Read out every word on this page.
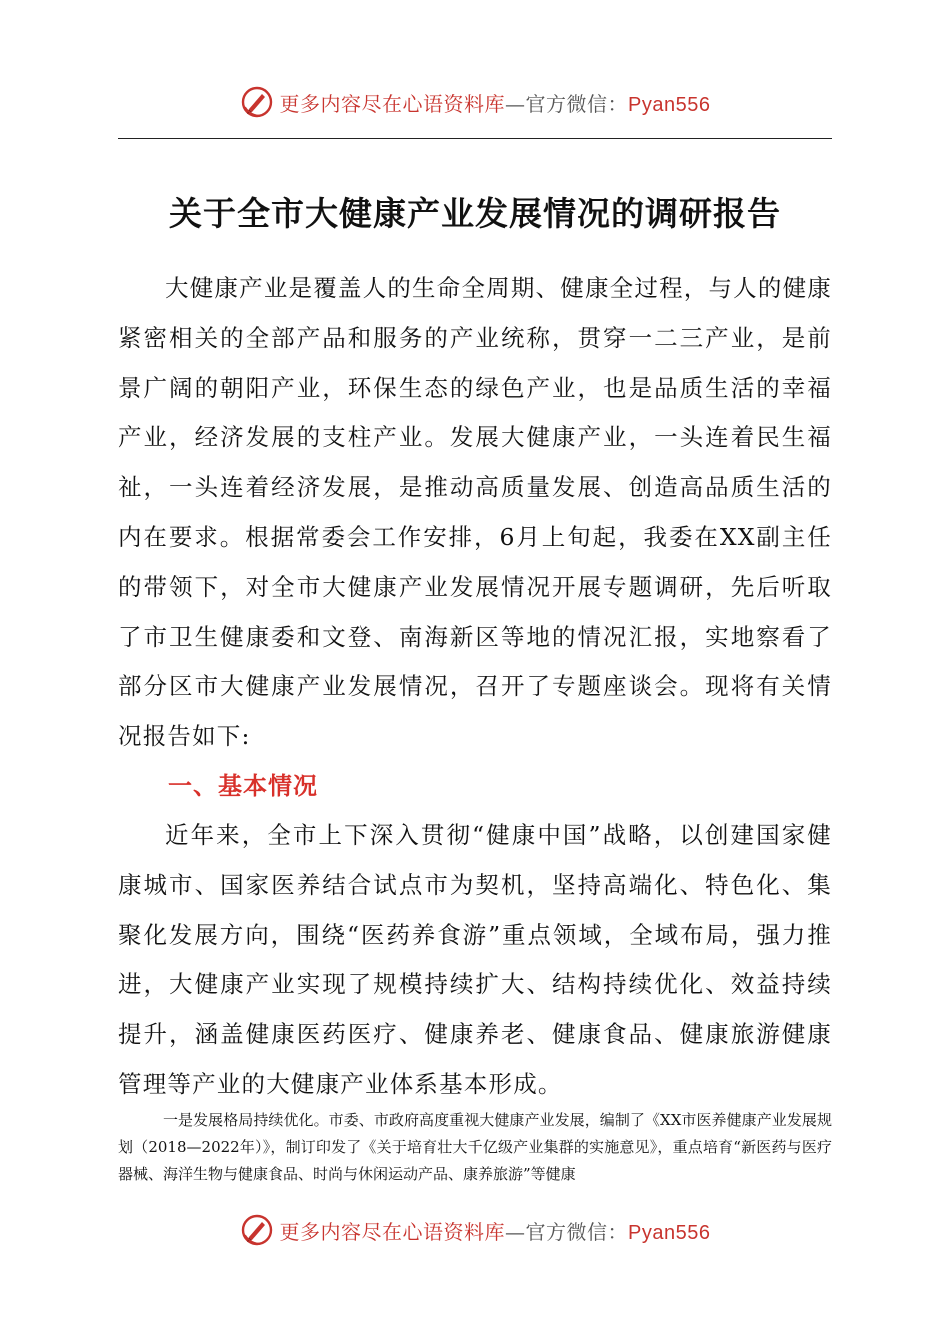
更多内容尽在心语资料库—官方微信：Pyan556
关于全市大健康产业发展情况的调研报告

大健康产业是覆盖人的生命全周期、健康全过程，与人的健康紧密相关的全部产品和服务的产业统称，贯穿一二三产业，是前景广阔的朝阳产业，环保生态的绿色产业，也是品质生活的幸福产业，经济发展的支柱产业。发展大健康产业，一头连着民生福祉，一头连着经济发展，是推动高质量发展、创造高品质生活的内在要求。根据常委会工作安排，6月上旬起，我委在XX副主任的带领下，对全市大健康产业发展情况开展专题调研，先后听取了市卫生健康委和文登、南海新区等地的情况汇报，实地察看了部分区市大健康产业发展情况，召开了专题座谈会。现将有关情况报告如下:

一、基本情况

近年来，全市上下深入贯彻“健康中国”战略，以创建国家健康城市、国家医养结合试点市为契机，坚持高端化、特色化、集聚化发展方向，围绕“医药养食游”重点领域，全域布局，强力推进，大健康产业实现了规模持续扩大、结构持续优化、效益持续提升，涵盖健康医药医疗、健康养老、健康食品、健康旅游健康管理等产业的大健康产业体系基本形成。

一是发展格局持续优化。市委、市政府高度重视大健康产业发展，编制了《XX市医养健康产业发展规划（2018—2022年）》，制订印发了《关于培育壮大千亿级产业集群的实施意见》，重点培育“新医药与医疗器械、海洋生物与健康食品、时尚与休闲运动产品、康养旅游”等健康

更多内容尽在心语资料库—官方微信：Pyan556
